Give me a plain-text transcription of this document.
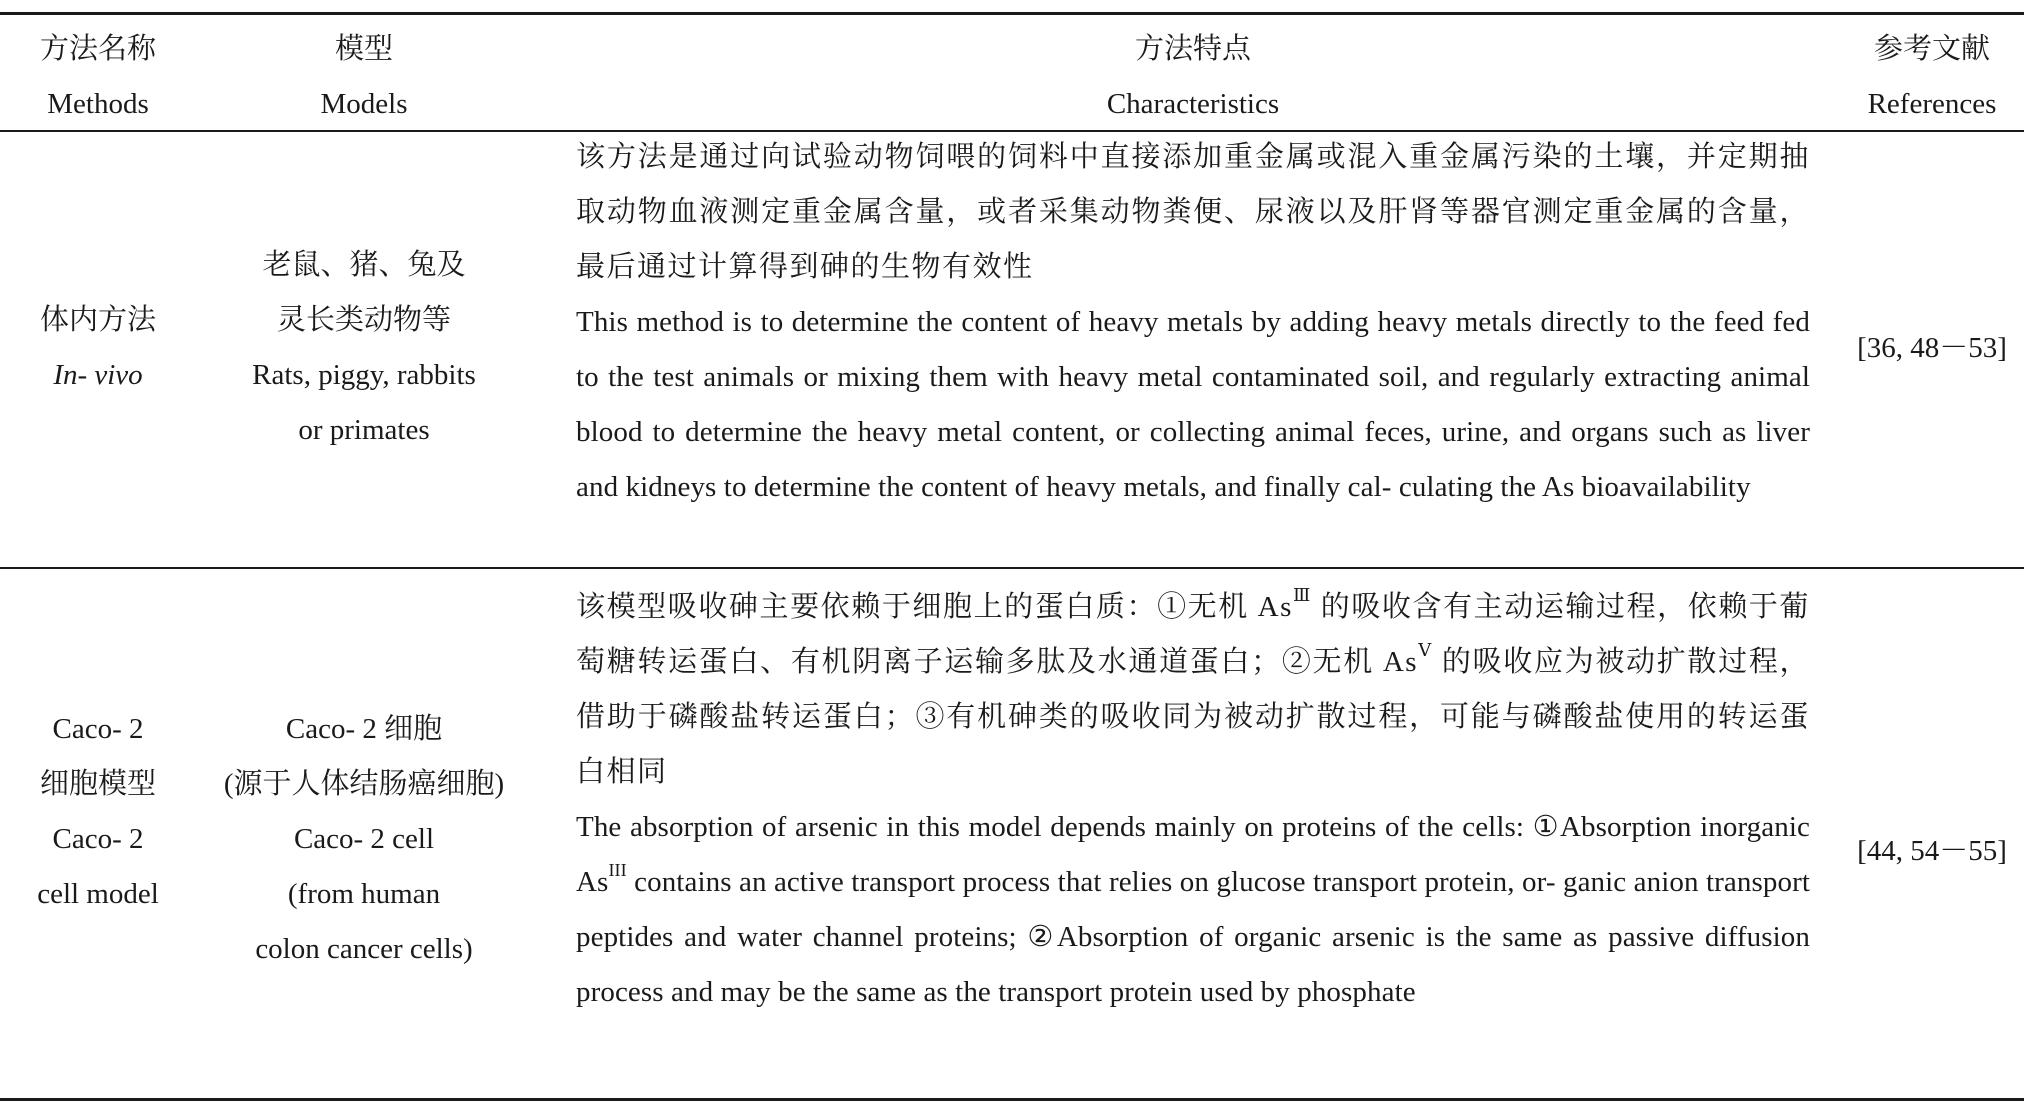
方法名称
Methods
模型
Models
方法特点
Characteristics
参考文献
References
体内方法
In- vivo
老鼠、猪、兔及
灵长类动物等
Rats, piggy, rabbits
or primates
该方法是通过向试验动物饲喂的饲料中直接添加重金属或混入重金属污染的土壤，并定期抽取动物血液测定重金属含量，或者采集动物粪便、尿液以及肝肾等器官测定重金属的含量，最后通过计算得到砷的生物有效性
This method is to determine the content of heavy metals by adding heavy metals directly to the feed fed to the test animals or mixing them with heavy metal contaminated soil, and regularly extracting animal blood to determine the heavy metal content, or collecting animal feces, urine, and organs such as liver and kidneys to determine the content of heavy metals, and finally cal- culating the As bioavailability
[36, 48－53]
Caco- 2
细胞模型
Caco- 2
cell model
Caco- 2 细胞
(源于人体结肠癌细胞)
Caco- 2 cell
(from human
colon cancer cells)
该模型吸收砷主要依赖于细胞上的蛋白质：①无机 $As^Ⅲ$ 的吸收含有主动运输过程，依赖于葡萄糖转运蛋白、有机阴离子运输多肽及水通道蛋白；②无机 $As^Ⅴ$ 的吸收应为被动扩散过程，借助于磷酸盐转运蛋白；③有机砷类的吸收同为被动扩散过程，可能与磷酸盐使用的转运蛋白相同
The absorption of arsenic in this model depends mainly on proteins of the cells: ①Absorption inorganic $As^{III}$ contains an active transport process that relies on glucose transport protein, or- ganic anion transport peptides and water channel proteins; ②Absorption of organic arsenic is the same as passive diffusion process and may be the same as the transport protein used by phosphate
[44, 54－55]
